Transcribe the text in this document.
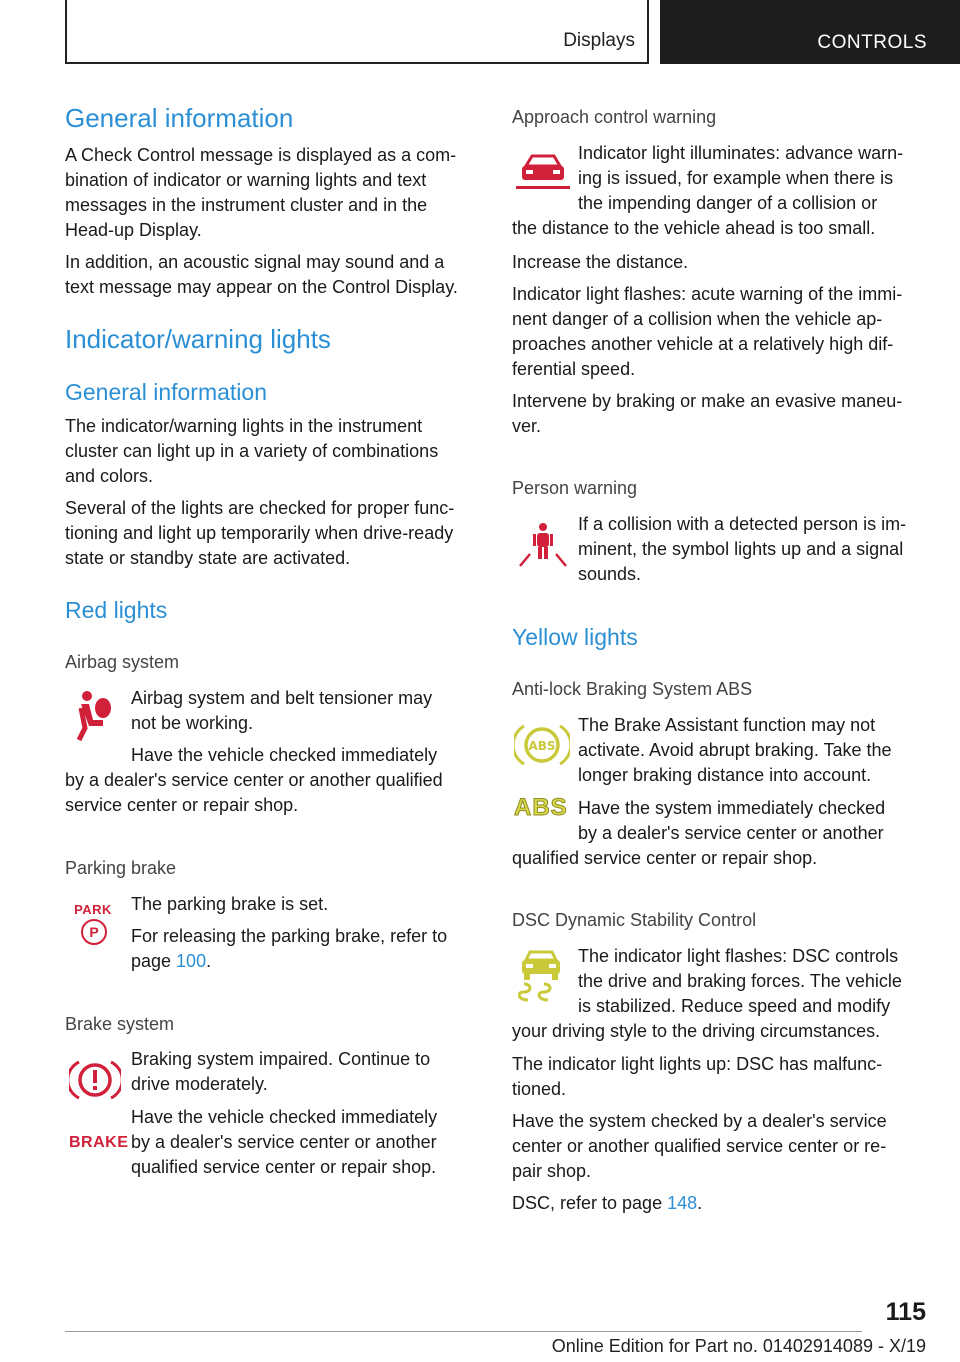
Displays	CONTROLS
General information

A Check Control message is displayed as a com-
bination of indicator or warning lights and text
messages in the instrument cluster and in the
Head-up Display.

In addition, an acoustic signal may sound and a
text message may appear on the Control Display.

Indicator/warning lights
General information

The indicator/warning lights in the instrument
cluster can light up in a variety of combinations
and colors.

Several of the lights are checked for proper func-
tioning and light up temporarily when drive-ready
state or standby state are activated.

Red lights
Airbag system

Airbag system and belt tensioner may
not be working.

Have the vehicle checked immediately

by a dealer's service center or another qualified
service center or repair shop.

Parking brake
PARK
P

The parking brake is set.

For releasing the parking brake, refer to
page 100.

Brake system

Braking system impaired. Continue to
drive moderately.

BRAKE

Have the vehicle checked immediately
by a dealer's service center or another
qualified service center or repair shop.

Approach control warning

Indicator light illuminates: advance warn-
ing is issued, for example when there is
the impending danger of a collision or

the distance to the vehicle ahead is too small.

Increase the distance.

Indicator light flashes: acute warning of the immi-
nent danger of a collision when the vehicle ap-
proaches another vehicle at a relatively high dif-
ferential speed.

Intervene by braking or make an evasive maneu-
ver.

Person warning

If a collision with a detected person is im-
minent, the symbol lights up and a signal
sounds.

Yellow lights
Anti-lock Braking System ABS
ABS

The Brake Assistant function may not
activate. Avoid abrupt braking. Take the
longer braking distance into account.

ABS Have the system immediately checked
by a dealer's service center or another

qualified service center or repair shop.

DSC Dynamic Stability Control

The indicator light flashes: DSC controls
the drive and braking forces. The vehicle
is stabilized. Reduce speed and modify

your driving style to the driving circumstances.

The indicator light lights up: DSC has malfunc-
tioned.

Have the system checked by a dealer's service
center or another qualified service center or re-
pair shop.

DSC, refer to page 148.

115
Online Edition for Part no. 01402914089 - X/19
